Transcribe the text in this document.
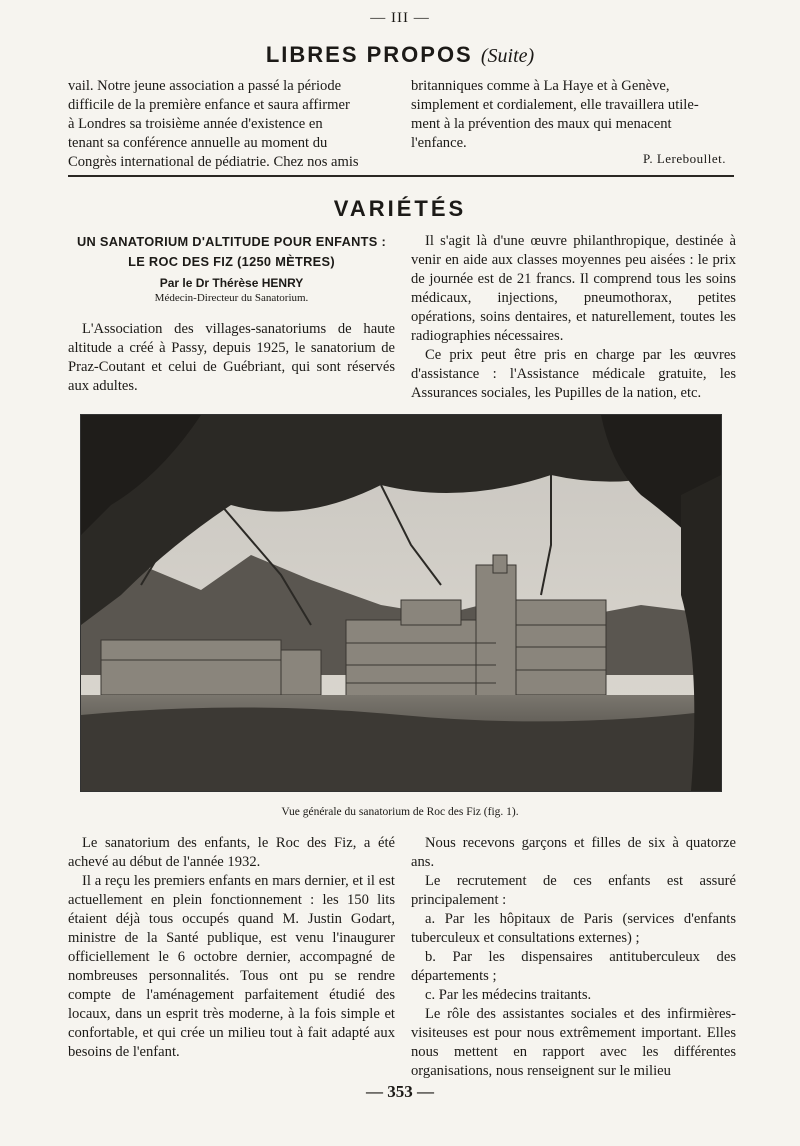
— III —
LIBRES PROPOS (Suite)

vail. Notre jeune association a passé la période

difficile de la première enfance et saura affirmer

à Londres sa troisième année d'existence en

tenant sa conférence annuelle au moment du

Congrès international de pédiatrie. Chez nos amis

britanniques comme à La Haye et à Genève,

simplement et cordialement, elle travaillera utile-

ment à la prévention des maux qui menacent

l'enfance.

P. Lereboullet.
VARIÉTÉS
UN SANATORIUM D'ALTITUDE POUR ENFANTS :
LE ROC DES FIZ (1250 MÈTRES)
Par le Dr Thérèse HENRY
Médecin-Directeur du Sanatorium.

L'Association des villages-sanatoriums de haute altitude a créé à Passy, depuis 1925, le sanatorium de Praz-Coutant et celui de Guébriant, qui sont réservés aux adultes.

Il s'agit là d'une œuvre philanthropique, destinée à venir en aide aux classes moyennes peu aisées : le prix de journée est de 21 francs. Il comprend tous les soins médicaux, injections, pneumothorax, petites opérations, soins dentaires, et naturellement, toutes les radiographies nécessaires.

Ce prix peut être pris en charge par les œuvres d'assistance : l'Assistance médicale gratuite, les Assurances sociales, les Pupilles de la nation, etc.

Vue générale du sanatorium de Roc des Fiz (fig. 1).

Le sanatorium des enfants, le Roc des Fiz, a été achevé au début de l'année 1932.

Il a reçu les premiers enfants en mars dernier, et il est actuellement en plein fonctionnement : les 150 lits étaient déjà tous occupés quand M. Justin Godart, ministre de la Santé publique, est venu l'inaugurer officiellement le 6 octobre dernier, accompagné de nombreuses personnalités. Tous ont pu se rendre compte de l'aménagement parfaitement étudié des locaux, dans un esprit très moderne, à la fois simple et confortable, et qui crée un milieu tout à fait adapté aux besoins de l'enfant.

Nous recevons garçons et filles de six à quatorze ans.

Le recrutement de ces enfants est assuré principalement :

a. Par les hôpitaux de Paris (services d'enfants tuberculeux et consultations externes) ;

b. Par les dispensaires antituberculeux des départements ;

c. Par les médecins traitants.

Le rôle des assistantes sociales et des infirmières-visiteuses est pour nous extrêmement important. Elles nous mettent en rapport avec les différentes organisations, nous renseignent sur le milieu

— 353 —
